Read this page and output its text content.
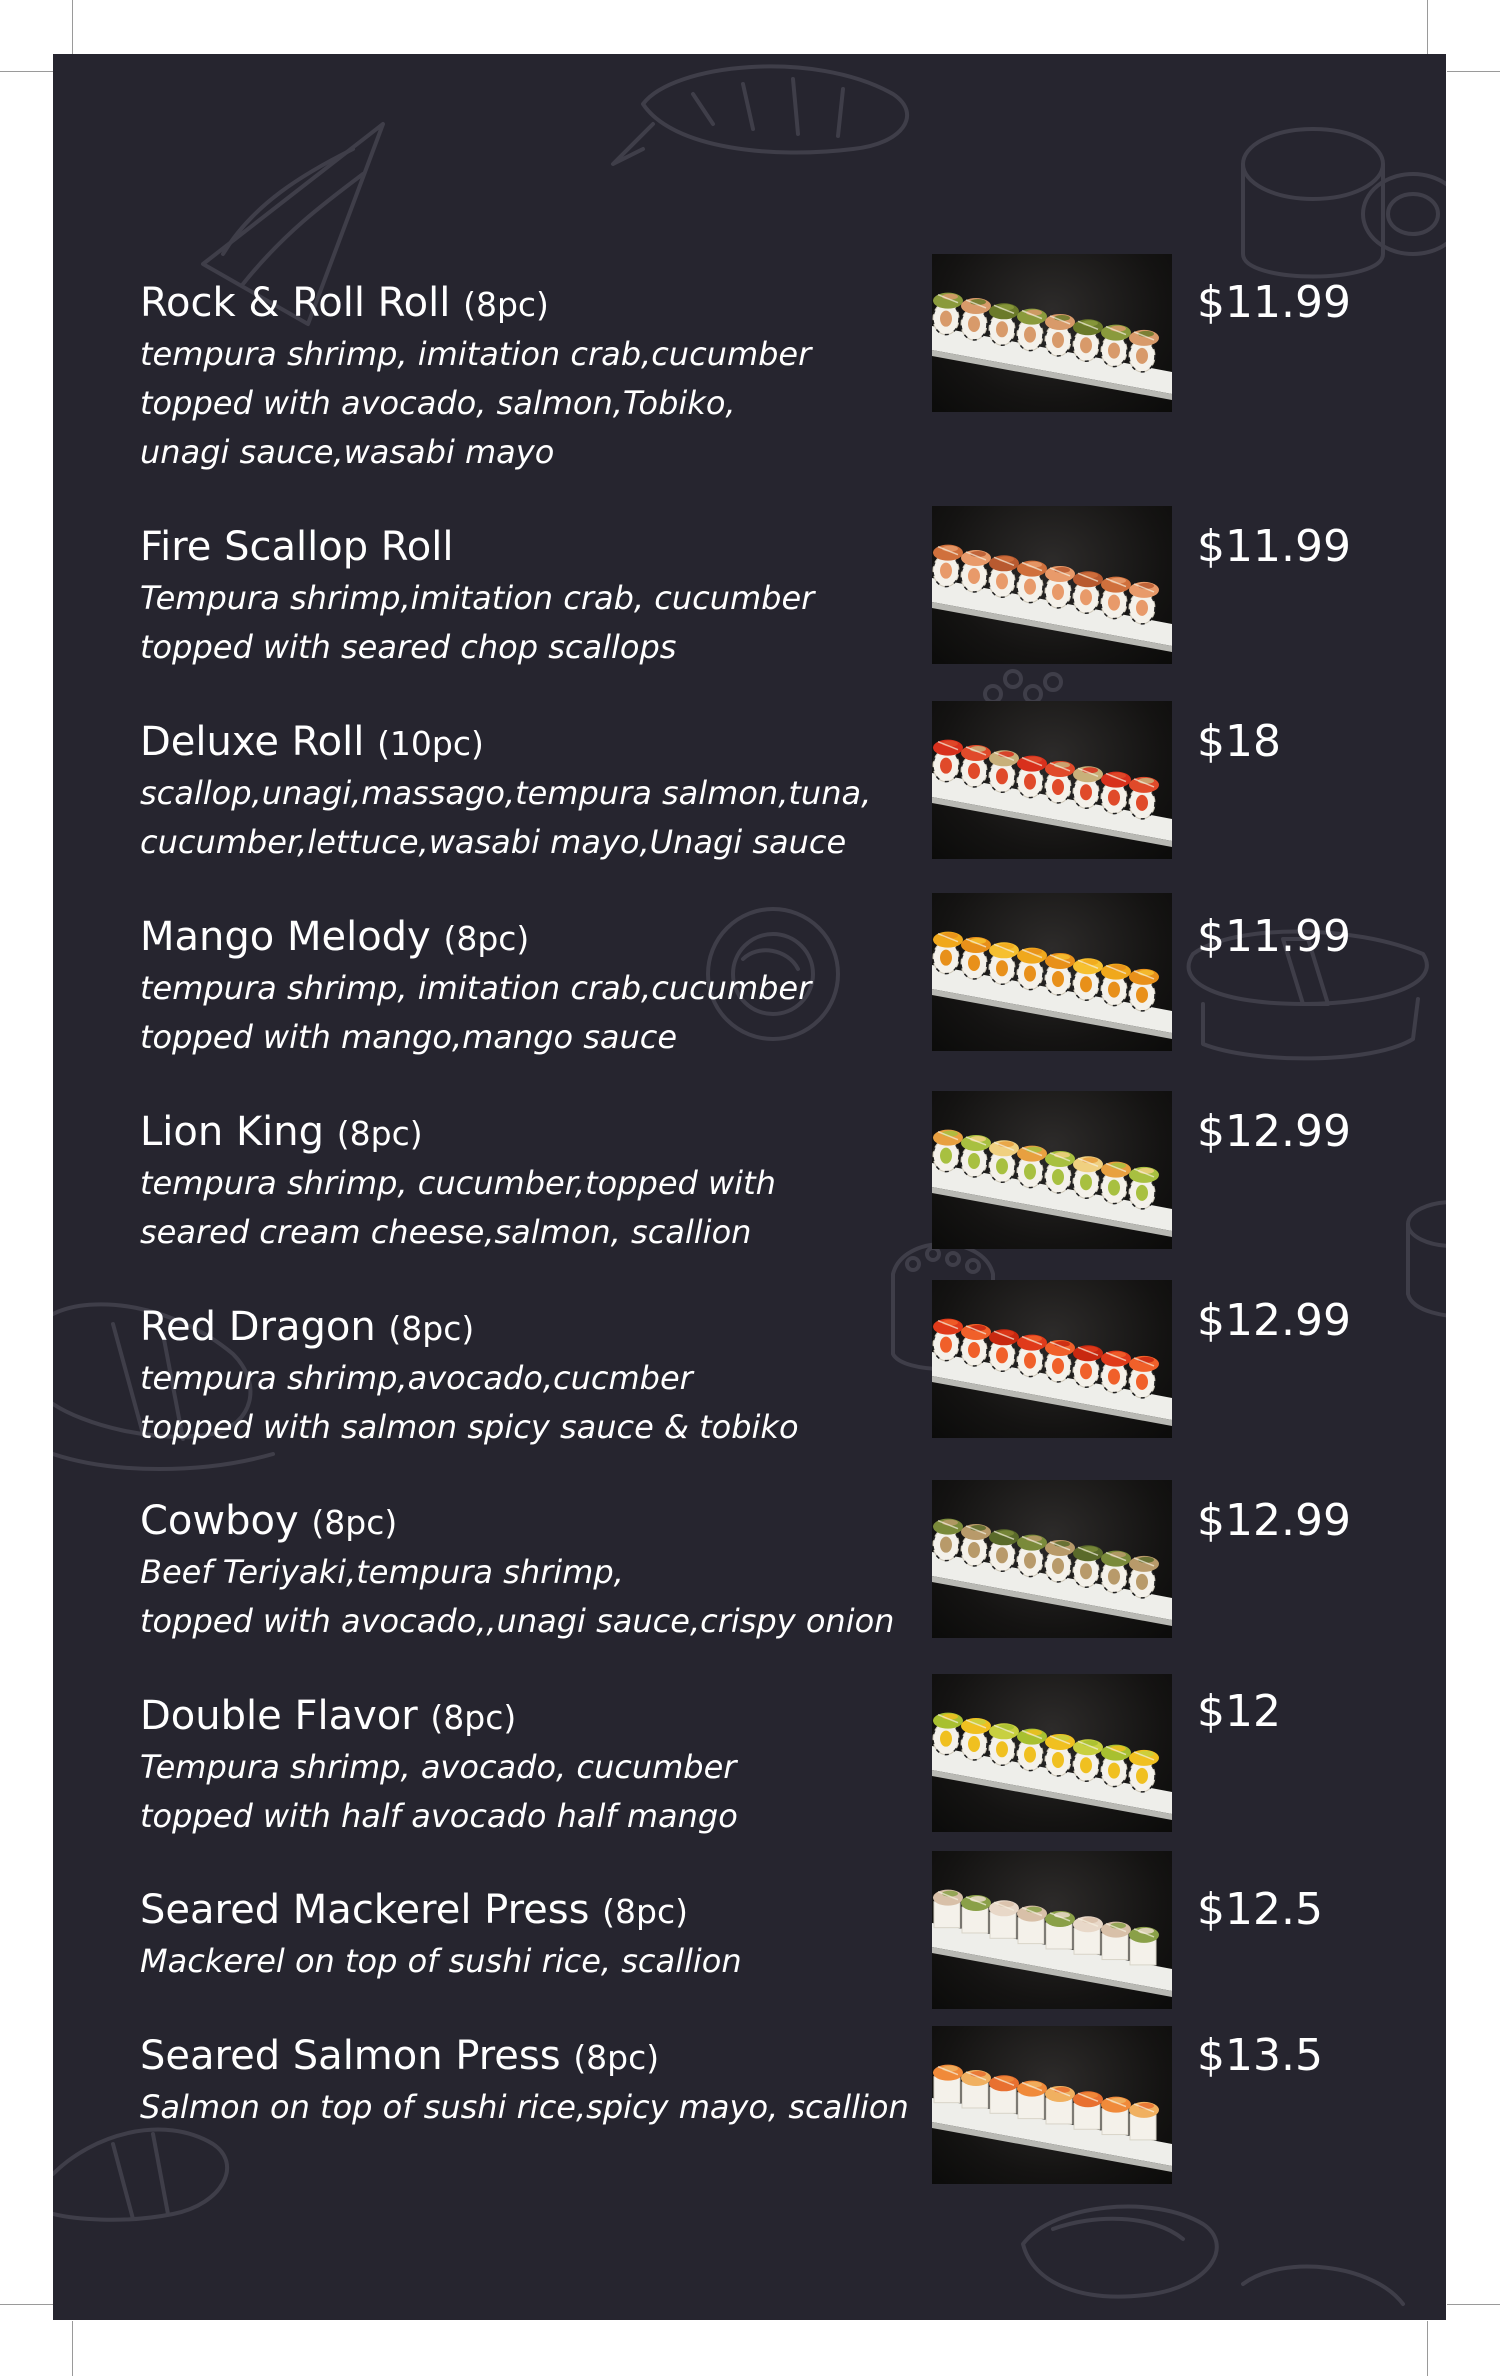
Rock & Roll Roll (8pc)
tempura shrimp, imitation crab,cucumber
topped with avocado, salmon,Tobiko,
unagi sauce,wasabi mayo
$11.99
Fire Scallop Roll
Tempura shrimp,imitation crab, cucumber
topped with seared chop scallops
$11.99
Deluxe Roll (10pc)
scallop,unagi,massago,tempura salmon,tuna,
cucumber,lettuce,wasabi mayo,Unagi sauce
$18
Mango Melody (8pc)
tempura shrimp, imitation crab,cucumber
topped with mango,mango sauce
$11.99
Lion King (8pc)
tempura shrimp, cucumber,topped with
seared cream cheese,salmon, scallion
$12.99
Red Dragon (8pc)
tempura shrimp,avocado,cucmber
topped with salmon spicy sauce & tobiko
$12.99
Cowboy (8pc)
Beef Teriyaki,tempura shrimp,
topped with avocado,,unagi sauce,crispy onion
$12.99
Double Flavor (8pc)
Tempura shrimp, avocado, cucumber
topped with half avocado half mango
$12
Seared Mackerel Press (8pc)
Mackerel on top of sushi rice, scallion
$12.5
Seared Salmon Press (8pc)
Salmon on top of sushi rice,spicy mayo, scallion
$13.5
